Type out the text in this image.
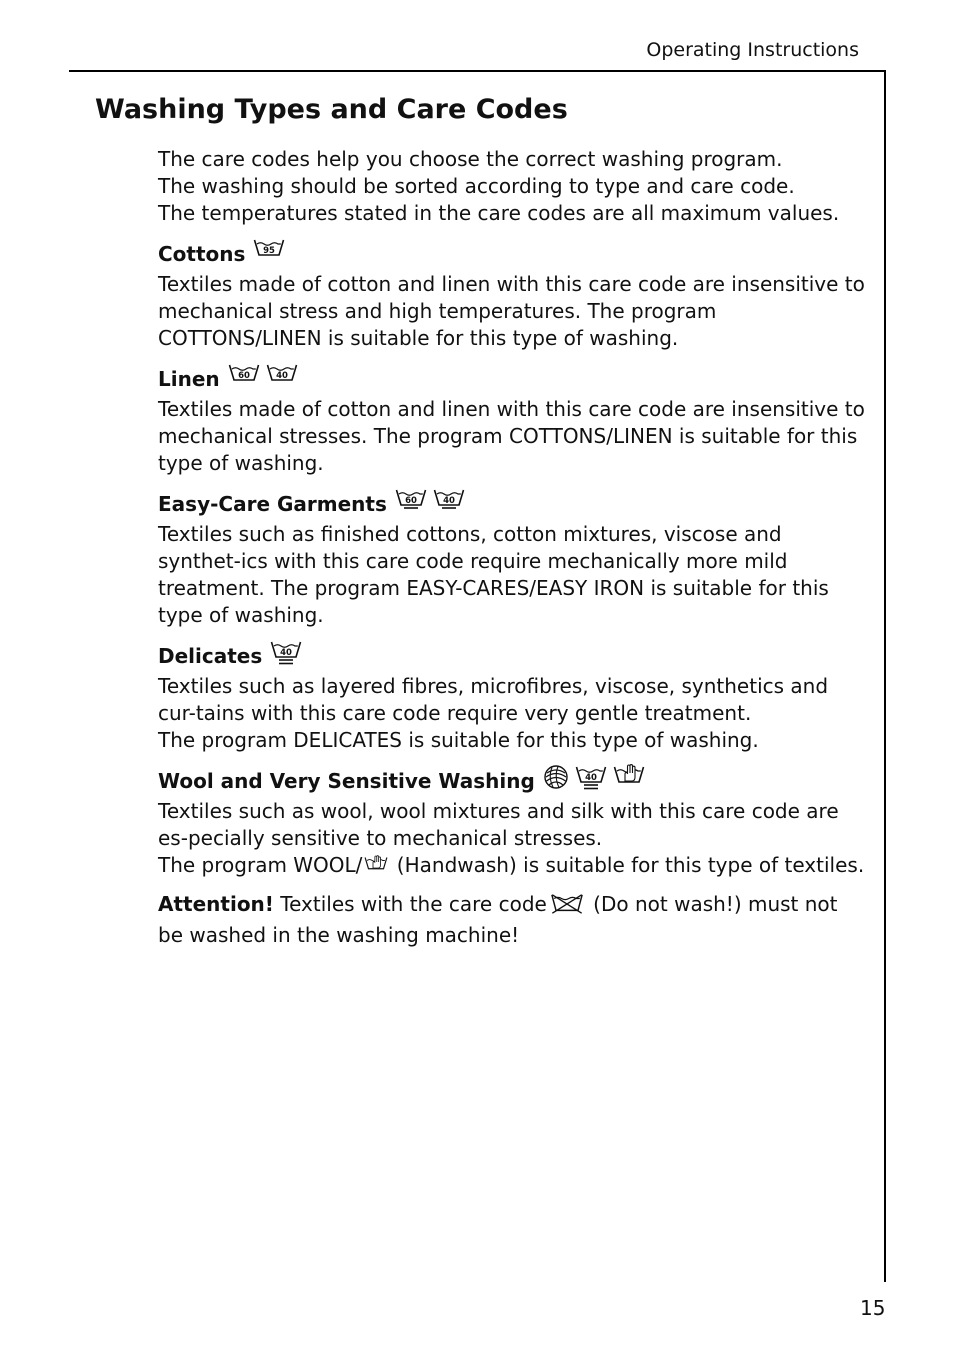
Operating Instructions
Washing Types and Care Codes

The care codes help you choose the correct washing program.

The washing should be sorted according to type and care code.

The temperatures stated in the care codes are all maximum values.

Cottons 95

Textiles made of cotton and linen with this care code are insensitive to mechanical stress and high temperatures. The program COTTONS/LINEN is suitable for this type of washing.

Linen 60	40

Textiles made of cotton and linen with this care code are insensitive to mechanical stresses. The program COTTONS/LINEN is suitable for this type of washing.

Easy-Care Garments 60	40

Textiles such as finished cottons, cotton mixtures, viscose and synthet-ics with this care code require mechanically more mild treatment. The program EASY-CARES/EASY IRON is suitable for this type of washing.

Delicates 40

Textiles such as layered fibres, microfibres, viscose, synthetics and cur-tains with this care code require very gentle treatment.

The program DELICATES is suitable for this type of washing.

Wool and Very Sensitive Washing	40

Textiles such as wool, wool mixtures and silk with this care code are es-pecially sensitive to mechanical stresses.

The program WOOL/ (Handwash) is suitable for this type of textiles.

Attention! Textiles with the care code (Do not wash!) must not be washed in the washing machine!
15
